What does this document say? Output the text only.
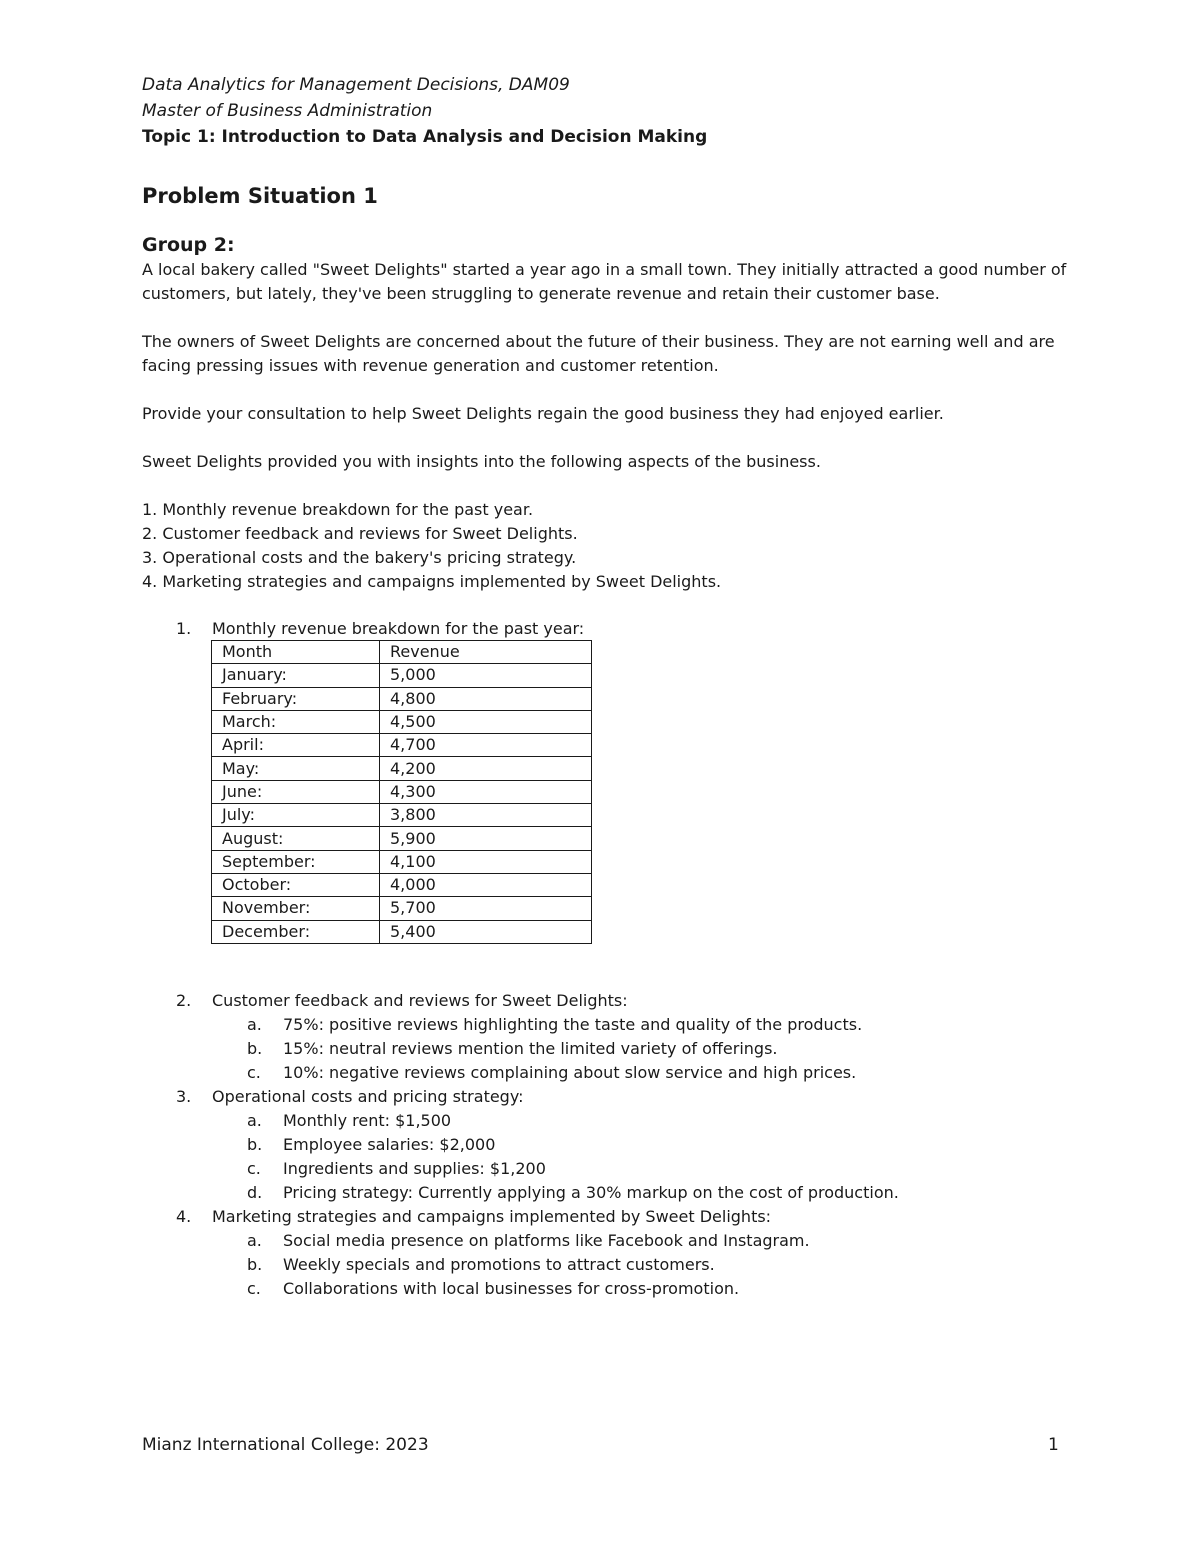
Data Analytics for Management Decisions, DAM09
Master of Business Administration
Topic 1: Introduction to Data Analysis and Decision Making
Problem Situation 1
Group 2:
A local bakery called "Sweet Delights" started a year ago in a small town. They initially attracted a good number of
customers, but lately, they've been struggling to generate revenue and retain their customer base.
The owners of Sweet Delights are concerned about the future of their business. They are not earning well and are
facing pressing issues with revenue generation and customer retention.
Provide your consultation to help Sweet Delights regain the good business they had enjoyed earlier.
Sweet Delights provided you with insights into the following aspects of the business.
1. Monthly revenue breakdown for the past year.
2. Customer feedback and reviews for Sweet Delights.
3. Operational costs and the bakery's pricing strategy.
4. Marketing strategies and campaigns implemented by Sweet Delights.
1. Monthly revenue breakdown for the past year:
Month	Revenue
January:	5,000
February:	4,800
March:	4,500
April:	4,700
May:	4,200
June:	4,300
July:	3,800
August:	5,900
September:	4,100
October:	4,000
November:	5,700
December:	5,400
2. Customer feedback and reviews for Sweet Delights:
a. 75%: positive reviews highlighting the taste and quality of the products.
b. 15%: neutral reviews mention the limited variety of offerings.
c. 10%: negative reviews complaining about slow service and high prices.
3. Operational costs and pricing strategy:
a. Monthly rent: $1,500
b. Employee salaries: $2,000
c. Ingredients and supplies: $1,200
d. Pricing strategy: Currently applying a 30% markup on the cost of production.
4. Marketing strategies and campaigns implemented by Sweet Delights:
a. Social media presence on platforms like Facebook and Instagram.
b. Weekly specials and promotions to attract customers.
c. Collaborations with local businesses for cross-promotion.
Mianz International College: 2023	1
